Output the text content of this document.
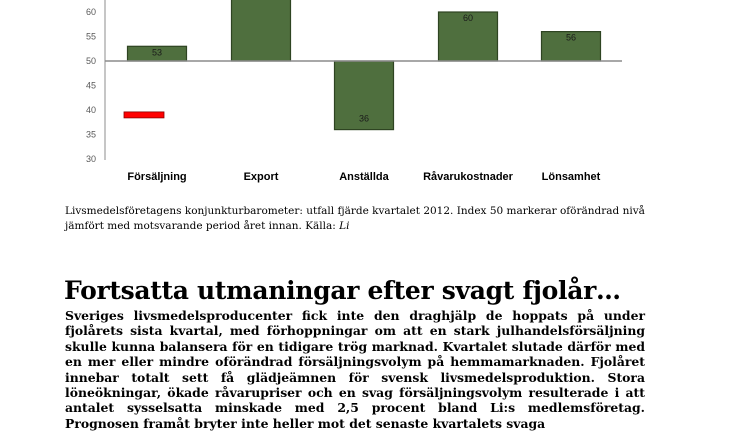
30
35
40
45
50
55
60
53
36
60
56
Försäljning	Export	Anställda	Råvarukostnader	Lönsamhet

Livsmedelsföretagens konjunkturbarometer: utfall fjärde kvartalet 2012. Index 50 markerar oförändrad nivå jämfört med motsvarande period året innan. Källa: Li

Fortsatta utmaningar efter svagt fjolår…

Sveriges livsmedelsproducenter fick inte den draghjälp de hoppats på under fjolårets sista kvartal, med förhoppningar om att en stark julhandelsförsäljning skulle kunna balansera för en tidigare trög marknad. Kvartalet slutade därför med en mer eller mindre oförändrad försäljningsvolym på hemmamarknaden. Fjolåret innebar totalt sett få glädjeämnen för svensk livsmedelsproduktion. Stora löneökningar, ökade råvarupriser och en svag försäljningsvolym resulterade i att antalet sysselsatta minskade med 2,5 procent bland Li:s medlemsföretag. Prognosen framåt bryter inte heller mot det senaste kvartalets svaga
